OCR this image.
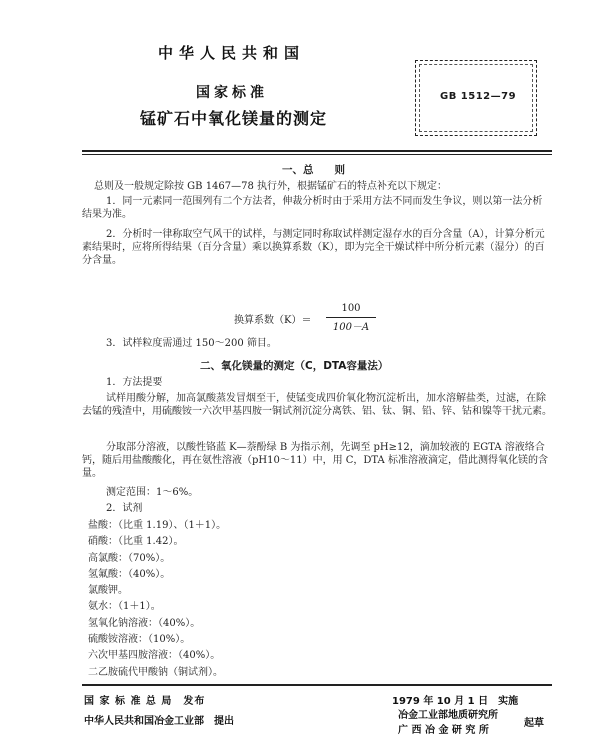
中华人民共和国
国家标准
锰矿石中氧化镁量的测定
GB 1512—79
一、总　　则
总则及一般规定除按 GB 1467—78 执行外，根据锰矿石的特点补充以下规定：
1．同一元素同一范围列有二个方法者，伸裁分析时由于采用方法不同而发生争议，则以第一法分析结果为准。
2．分析时一律称取空气风干的试样，与测定同时称取试样测定湿存水的百分含量（A），计算分析元素结果时，应将所得结果（百分含量）乘以换算系数（K），即为完全干燥试样中所分析元素（湿分）的百分含量。
换算系数（K）＝
100
100－A
3．试样粒度需通过 150～200 筛目。
二、氧化镁量的测定（C，DTA容量法）
1．方法提要
试样用酸分解，加高氯酸蒸发冒烟至干，使锰变成四价氧化物沉淀析出，加水溶解盐类，过滤，在除去锰的残渣中，用硫酸铵一六次甲基四胺一铜试剂沉淀分离铁、铝、钛、铜、铅、锌、钴和镍等干扰元素。
分取部分溶液，以酸性铬蓝 K—萘酚绿 B 为指示剂，先调至 pH≥12，滴加较液的 EGTA 溶液络合钙，随后用盐酸酸化，再在氨性溶液（pH10～11）中，用 C，DTA 标准溶液滴定，借此测得氧化镁的含量。
测定范围：1～6%。
2．试剂
盐酸：（比重 1.19）、（1＋1）。
硝酸：（比重 1.42）。
高氯酸：（70%）。
氢氟酸：（40%）。
氯酸钾。
氨水：（1＋1）。
氢氧化钠溶液：（40%）。
硫酸铵溶液：（10%）。
六次甲基四胺溶液：（40%）。
二乙胺硫代甲酸钠（铜试剂）。
国 家 标 准 总 局　发布	1979 年 10 月 1 日　实施
中华人民共和国冶金工业部　提出
冶金工业部地质研究所
广 西 冶 金 研 究 所
起草
